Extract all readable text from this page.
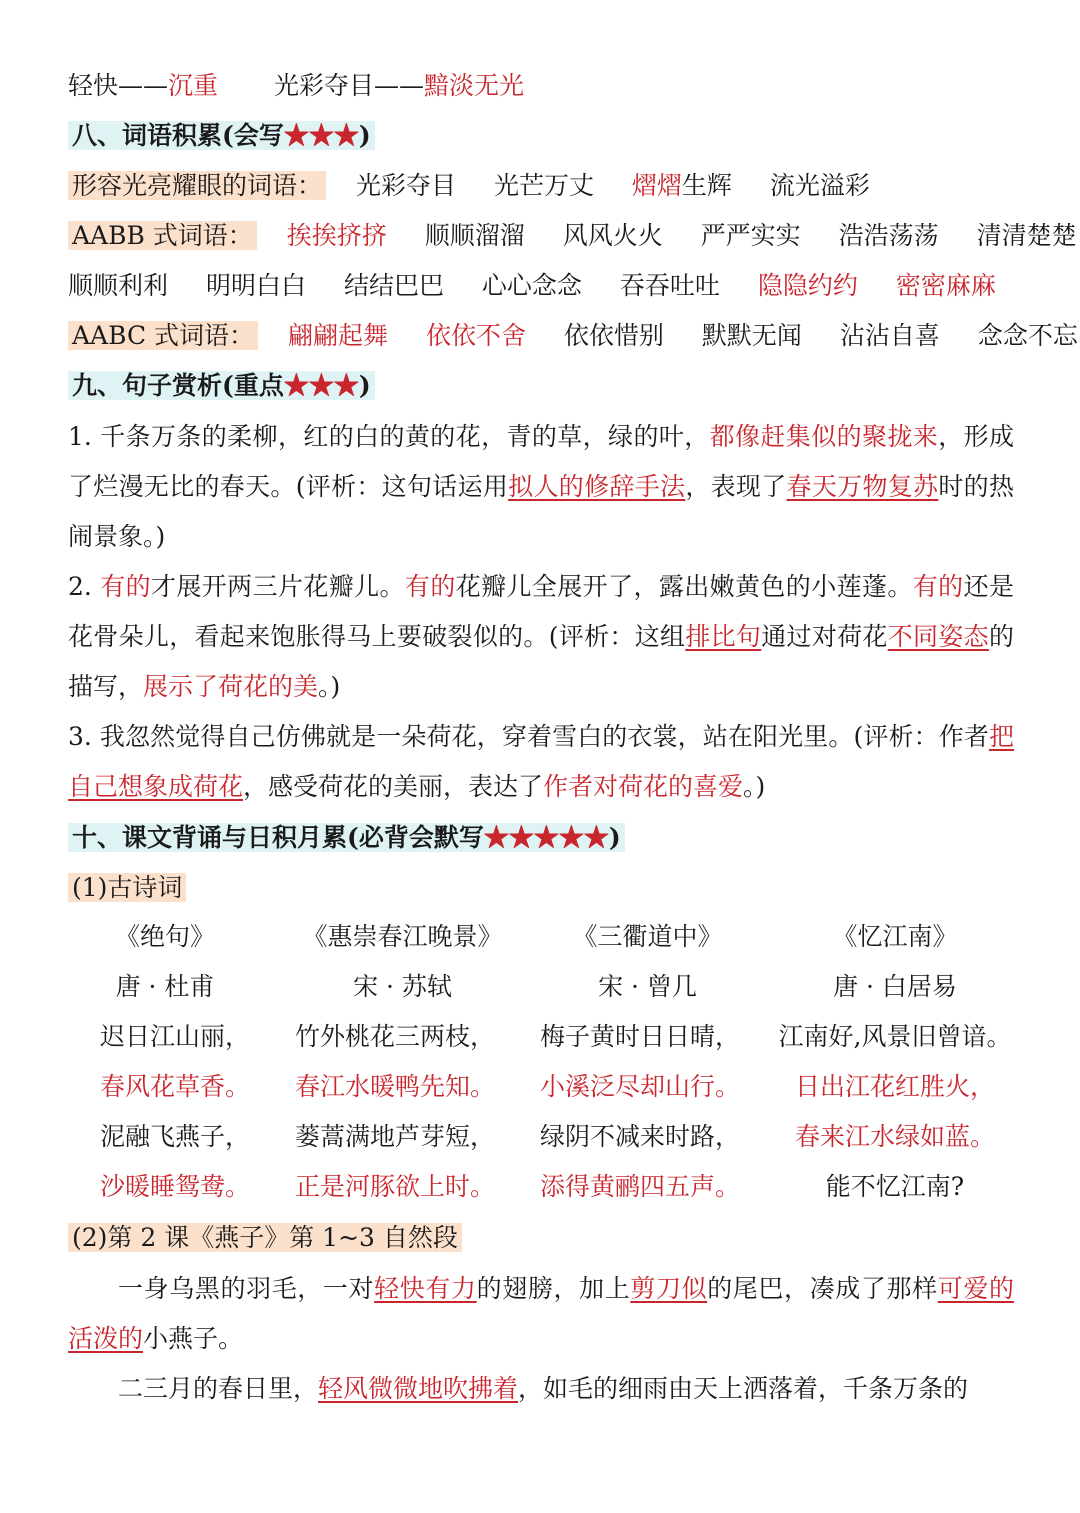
轻快——沉重 光彩夺目——黯淡无光
八、词语积累(会写★★★)
形容光亮耀眼的词语： 光彩夺目 光芒万丈 熠熠生辉 流光溢彩
AABB 式词语： 挨挨挤挤 顺顺溜溜 风风火火 严严实实 浩浩荡荡 清清楚楚
顺顺利利 明明白白 结结巴巴 心心念念 吞吞吐吐 隐隐约约 密密麻麻
AABC 式词语： 翩翩起舞 依依不舍 依依惜别 默默无闻 沾沾自喜 念念不忘
九、句子赏析(重点★★★)
1. 千条万条的柔柳，红的白的黄的花，青的草，绿的叶，都像赶集似的聚拢来，形成了烂漫无比的春天。(评析：这句话运用拟人的修辞手法，表现了春天万物复苏时的热闹景象。)
2. 有的才展开两三片花瓣儿。有的花瓣儿全展开了，露出嫩黄色的小莲蓬。有的还是花骨朵儿，看起来饱胀得马上要破裂似的。(评析：这组排比句通过对荷花不同姿态的描写，展示了荷花的美。)
3. 我忽然觉得自己仿佛就是一朵荷花，穿着雪白的衣裳，站在阳光里。(评析：作者把自己想象成荷花，感受荷花的美丽，表达了作者对荷花的喜爱。)
十、课文背诵与日积月累(必背会默写★★★★★)
(1)古诗词
《绝句》
唐 · 杜甫
迟日江山丽，
春风花草香。
泥融飞燕子，
沙暖睡鸳鸯。
《惠崇春江晚景》
宋 · 苏轼
竹外桃花三两枝，
春江水暖鸭先知。
蒌蒿满地芦芽短，
正是河豚欲上时。
《三衢道中》
宋 · 曾几
梅子黄时日日晴，
小溪泛尽却山行。
绿阴不减来时路，
添得黄鹂四五声。
《忆江南》
唐 · 白居易
江南好,风景旧曾谙。
日出江花红胜火，
春来江水绿如蓝。
能不忆江南?
(2)第 2 课《燕子》第 1~3 自然段
一身乌黑的羽毛，一对轻快有力的翅膀，加上剪刀似的尾巴，凑成了那样可爱的活泼的小燕子。
二三月的春日里，轻风微微地吹拂着，如毛的细雨由天上洒落着，千条万条的
